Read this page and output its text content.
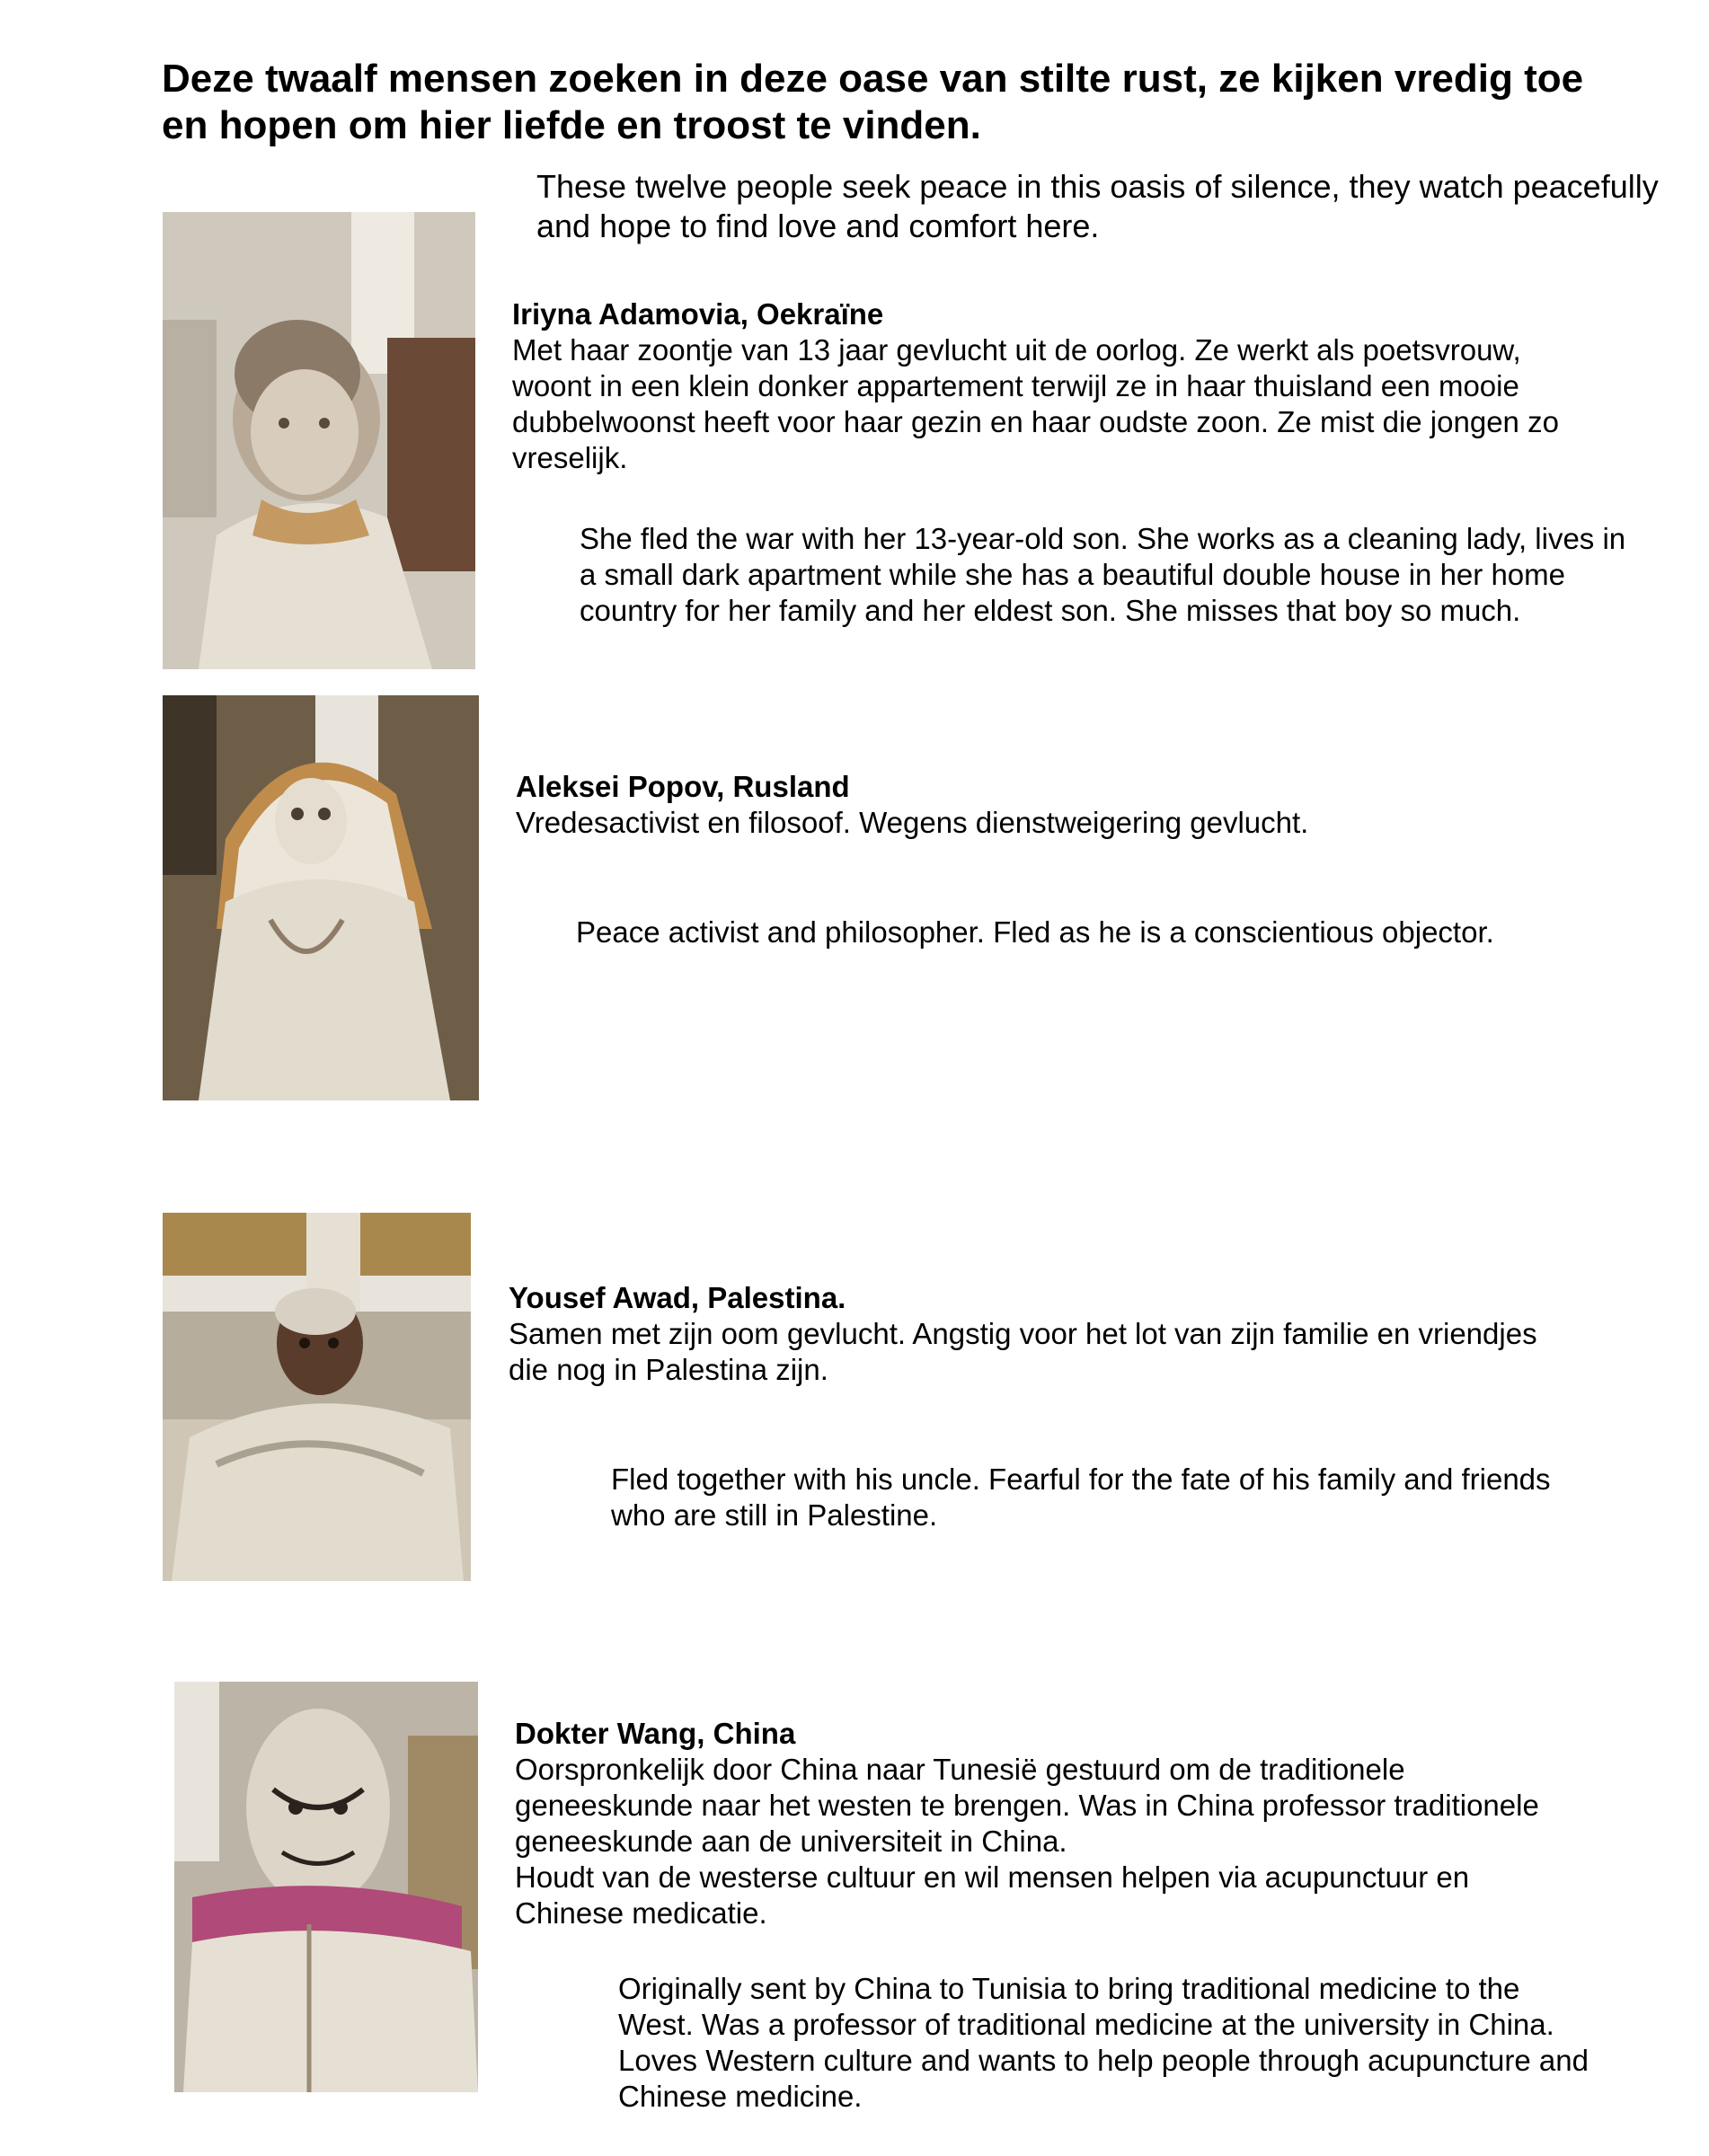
Deze twaalf mensen zoeken in deze oase van stilte rust, ze kijken vredig toe en hopen om hier liefde en troost te vinden.

These twelve people seek peace in this oasis of silence, they watch peacefully and hope to find love and comfort here.

Iriyna Adamovia, Oekraïne
Met haar zoontje van 13 jaar gevlucht uit de oorlog. Ze werkt als poetsvrouw, woont in een klein donker appartement terwijl ze in haar thuisland een mooie dubbelwoonst heeft voor haar gezin en haar oudste zoon. Ze mist die jongen zo vreselijk.
She fled the war with her 13-year-old son. She works as a cleaning lady, lives in a small dark apartment while she has a beautiful double house in her home country for her family and her eldest son. She misses that boy so much.
Aleksei Popov, Rusland
Vredesactivist en filosoof. Wegens dienstweigering gevlucht.
Peace activist and philosopher. Fled as he is a conscientious objector.
Yousef Awad, Palestina.
Samen met zijn oom gevlucht. Angstig voor het lot van zijn familie en vriendjes die nog in Palestina zijn.
Fled together with his uncle. Fearful for the fate of his family and friends who are still in Palestine.
Dokter Wang, China
Oorspronkelijk door China naar Tunesië gestuurd om de traditionele geneeskunde naar het westen te brengen. Was in China professor traditionele geneeskunde aan de universiteit in China.
Houdt van de westerse cultuur en wil mensen helpen via acupunctuur en Chinese medicatie.
Originally sent by China to Tunisia to bring traditional medicine to the West. Was a professor of traditional medicine at the university in China. Loves Western culture and wants to help people through acupuncture and Chinese medicine.
